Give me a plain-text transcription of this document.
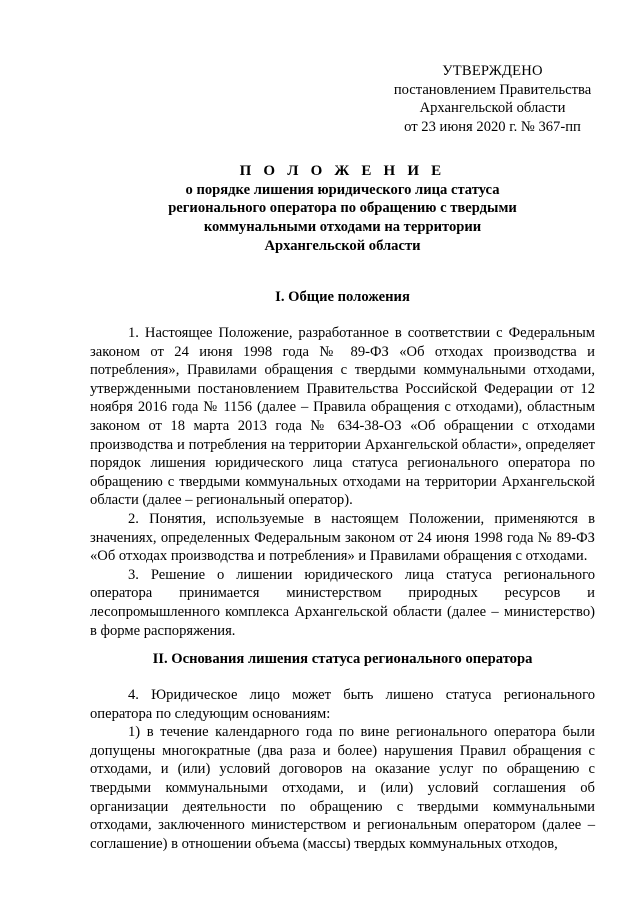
УТВЕРЖДЕНО
постановлением Правительства
Архангельской области
от 23 июня 2020 г. № 367-пп
П О Л О Ж Е Н И Е
о порядке лишения юридического лица статуса
регионального оператора по обращению с твердыми
коммунальными отходами на территории
Архангельской области
I. Общие положения

1. Настоящее Положение, разработанное в соответствии с Федеральным законом от 24 июня 1998 года № 89-ФЗ «Об отходах производства и потребления», Правилами обращения с твердыми коммунальными отходами, утвержденными постановлением Правительства Российской Федерации от 12 ноября 2016 года № 1156 (далее – Правила обращения с отходами), областным законом от 18 марта 2013 года № 634-38-ОЗ «Об обращении с отходами производства и потребления на территории Архангельской области», определяет порядок лишения юридического лица статуса регионального оператора по обращению с твердыми коммунальных отходами на территории Архангельской области (далее – региональный оператор).

2. Понятия, используемые в настоящем Положении, применяются в значениях, определенных Федеральным законом от 24 июня 1998 года № 89-ФЗ «Об отходах производства и потребления» и Правилами обращения с отходами.

3. Решение о лишении юридического лица статуса регионального оператора принимается министерством природных ресурсов и лесопромышленного комплекса Архангельской области (далее – министерство) в форме распоряжения.

II. Основания лишения статуса регионального оператора

4. Юридическое лицо может быть лишено статуса регионального оператора по следующим основаниям:

1) в течение календарного года по вине регионального оператора были допущены многократные (два раза и более) нарушения Правил обращения с отходами, и (или) условий договоров на оказание услуг по обращению с твердыми коммунальными отходами, и (или) условий соглашения об организации деятельности по обращению с твердыми коммунальными отходами, заключенного министерством и региональным оператором (далее – соглашение) в отношении объема (массы) твердых коммунальных отходов,
